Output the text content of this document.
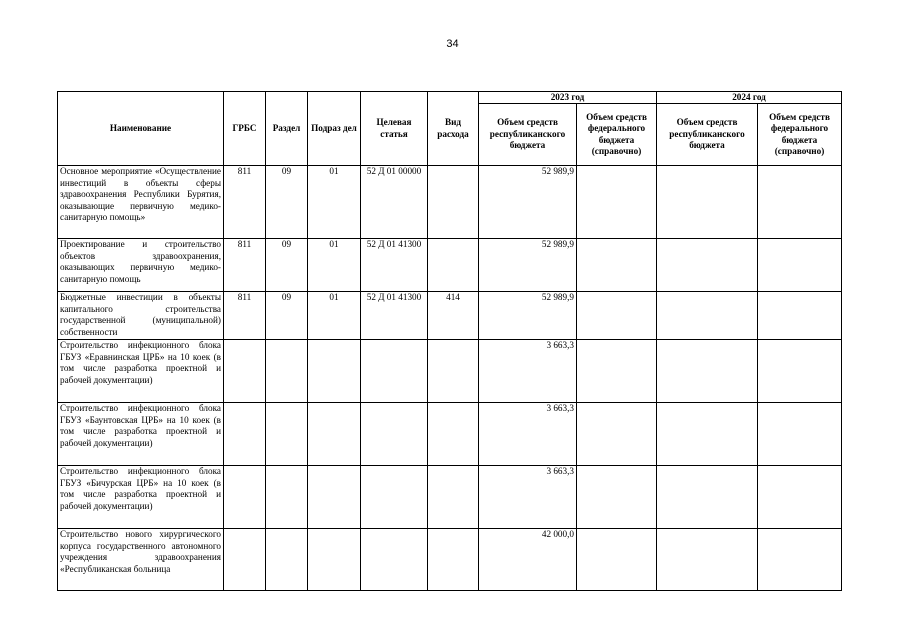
34
Наименование	ГРБС	Раздел	Подраз дел	Целевая статья	Вид расхода	2023 год		2024 год	
						Объем средств республиканского бюджета	Объем средств федерального бюджета (справочно)	Объем средств республиканского бюджета	Объем средств федерального бюджета (справочно)
Основное мероприятие «Осуществление инвестиций в объекты сферы здравоохранения Республики Бурятия, оказывающие первичную медико-санитарную помощь»	811	09	01	52 Д 01 00000		52 989,9			
Проектирование и строительство объектов здравоохранения, оказывающих первичную медико-санитарную помощь	811	09	01	52 Д 01 41300		52 989,9			
Бюджетные инвестиции в объекты капитального строительства государственной (муниципальной) собственности	811	09	01	52 Д 01 41300	414	52 989,9			
Строительство инфекционного блока ГБУЗ «Еравнинская ЦРБ» на 10 коек (в том числе разработка проектной и рабочей документации)						3 663,3			
Строительство инфекционного блока ГБУЗ «Баунтовская ЦРБ» на 10 коек (в том числе разработка проектной и рабочей документации)						3 663,3			
Строительство инфекционного блока ГБУЗ «Бичурская ЦРБ» на 10 коек (в том числе разработка проектной и рабочей документации)						3 663,3			
Строительство нового хирургического корпуса государственного автономного учреждения здравоохранения «Республиканская больница						42 000,0			
